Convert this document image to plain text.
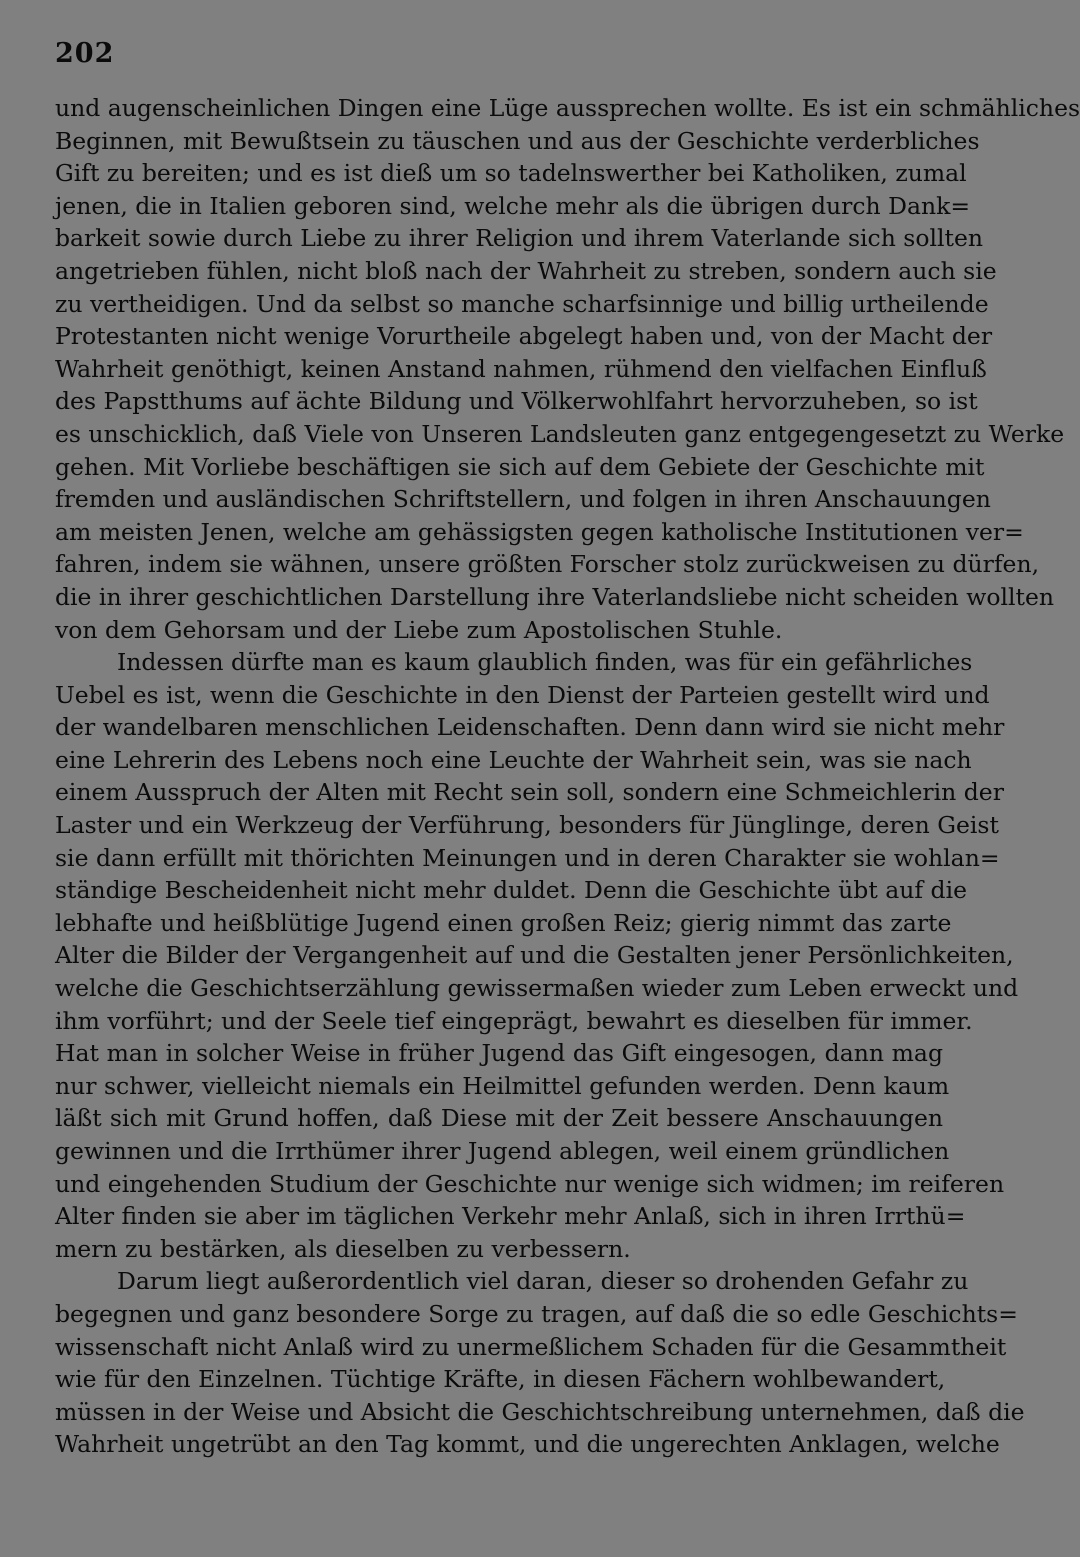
202
und augenscheinlichen Dingen eine Lüge aussprechen wollte. Es ist ein schmähliches
Beginnen, mit Bewußtsein zu täuschen und aus der Geschichte verderbliches
Gift zu bereiten; und es ist dieß um so tadelnswerther bei Katholiken, zumal
jenen, die in Italien geboren sind, welche mehr als die übrigen durch Dank=
barkeit sowie durch Liebe zu ihrer Religion und ihrem Vaterlande sich sollten
angetrieben fühlen, nicht bloß nach der Wahrheit zu streben, sondern auch sie
zu vertheidigen. Und da selbst so manche scharfsinnige und billig urtheilende
Protestanten nicht wenige Vorurtheile abgelegt haben und, von der Macht der
Wahrheit genöthigt, keinen Anstand nahmen, rühmend den vielfachen Einfluß
des Papstthums auf ächte Bildung und Völkerwohlfahrt hervorzuheben, so ist
es unschicklich, daß Viele von Unseren Landsleuten ganz entgegengesetzt zu Werke
gehen. Mit Vorliebe beschäftigen sie sich auf dem Gebiete der Geschichte mit
fremden und ausländischen Schriftstellern, und folgen in ihren Anschauungen
am meisten Jenen, welche am gehässigsten gegen katholische Institutionen ver=
fahren, indem sie wähnen, unsere größten Forscher stolz zurückweisen zu dürfen,
die in ihrer geschichtlichen Darstellung ihre Vaterlandsliebe nicht scheiden wollten
von dem Gehorsam und der Liebe zum Apostolischen Stuhle.
Indessen dürfte man es kaum glaublich finden, was für ein gefährliches
Uebel es ist, wenn die Geschichte in den Dienst der Parteien gestellt wird und
der wandelbaren menschlichen Leidenschaften. Denn dann wird sie nicht mehr
eine Lehrerin des Lebens noch eine Leuchte der Wahrheit sein, was sie nach
einem Ausspruch der Alten mit Recht sein soll, sondern eine Schmeichlerin der
Laster und ein Werkzeug der Verführung, besonders für Jünglinge, deren Geist
sie dann erfüllt mit thörichten Meinungen und in deren Charakter sie wohlan=
ständige Bescheidenheit nicht mehr duldet. Denn die Geschichte übt auf die
lebhafte und heißblütige Jugend einen großen Reiz; gierig nimmt das zarte
Alter die Bilder der Vergangenheit auf und die Gestalten jener Persönlichkeiten,
welche die Geschichtserzählung gewissermaßen wieder zum Leben erweckt und
ihm vorführt; und der Seele tief eingeprägt, bewahrt es dieselben für immer.
Hat man in solcher Weise in früher Jugend das Gift eingesogen, dann mag
nur schwer, vielleicht niemals ein Heilmittel gefunden werden. Denn kaum
läßt sich mit Grund hoffen, daß Diese mit der Zeit bessere Anschauungen
gewinnen und die Irrthümer ihrer Jugend ablegen, weil einem gründlichen
und eingehenden Studium der Geschichte nur wenige sich widmen; im reiferen
Alter finden sie aber im täglichen Verkehr mehr Anlaß, sich in ihren Irrthü=
mern zu bestärken, als dieselben zu verbessern.
Darum liegt außerordentlich viel daran, dieser so drohenden Gefahr zu
begegnen und ganz besondere Sorge zu tragen, auf daß die so edle Geschichts=
wissenschaft nicht Anlaß wird zu unermeßlichem Schaden für die Gesammtheit
wie für den Einzelnen. Tüchtige Kräfte, in diesen Fächern wohlbewandert,
müssen in der Weise und Absicht die Geschichtschreibung unternehmen, daß die
Wahrheit ungetrübt an den Tag kommt, und die ungerechten Anklagen, welche
